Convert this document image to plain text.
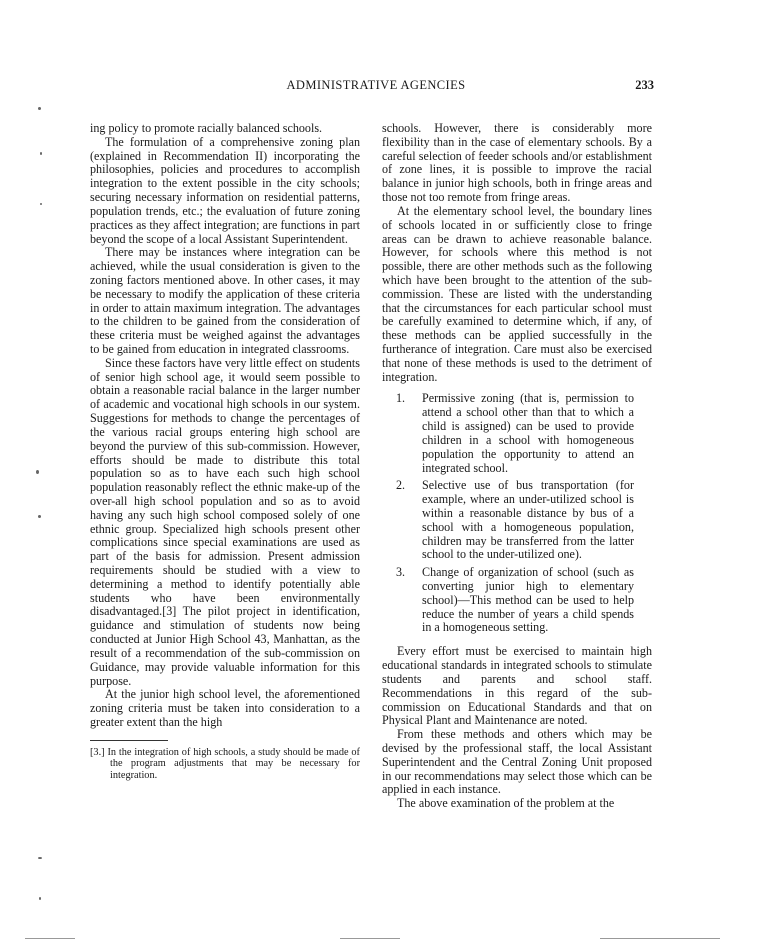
ADMINISTRATIVE AGENCIES	233

ing policy to promote racially balanced schools.

The formulation of a comprehensive zoning plan (explained in Recommendation II) incorporating the philosophies, policies and procedures to accomplish integration to the extent possible in the city schools; securing necessary information on residential patterns, population trends, etc.; the evaluation of future zoning practices as they affect integration; are functions in part beyond the scope of a local Assistant Superintendent.

There may be instances where integration can be achieved, while the usual consideration is given to the zoning factors mentioned above. In other cases, it may be necessary to modify the application of these criteria in order to attain maximum integration. The advantages to the children to be gained from the consideration of these criteria must be weighed against the advantages to be gained from education in integrated classrooms.

Since these factors have very little effect on students of senior high school age, it would seem possible to obtain a reasonable racial balance in the larger number of academic and vocational high schools in our system. Suggestions for methods to change the percentages of the various racial groups entering high school are beyond the purview of this sub-commission. However, efforts should be made to distribute this total population so as to have each such high school population reasonably reflect the ethnic make-up of the over-all high school population and so as to avoid having any such high school composed solely of one ethnic group. Specialized high schools present other complications since special examinations are used as part of the basis for admission. Present admission requirements should be studied with a view to determining a method to identify potentially able students who have been environmentally disadvantaged.[3] The pilot project in identification, guidance and stimulation of students now being conducted at Junior High School 43, Manhattan, as the result of a recommendation of the sub-commission on Guidance, may provide valuable information for this purpose.

At the junior high school level, the aforementioned zoning criteria must be taken into consideration to a greater extent than the high

[3.] In the integration of high schools, a study should be made of the program adjustments that may be necessary for integration.

schools. However, there is considerably more flexibility than in the case of elementary schools. By a careful selection of feeder schools and/or establishment of zone lines, it is possible to improve the racial balance in junior high schools, both in fringe areas and those not too remote from fringe areas.

At the elementary school level, the boundary lines of schools located in or sufficiently close to fringe areas can be drawn to achieve reasonable balance. However, for schools where this method is not possible, there are other methods such as the following which have been brought to the attention of the sub-commission. These are listed with the understanding that the circumstances for each particular school must be carefully examined to determine which, if any, of these methods can be applied successfully in the furtherance of integration. Care must also be exercised that none of these methods is used to the detriment of integration.

1. Permissive zoning (that is, permission to attend a school other than that to which a child is assigned) can be used to provide children in a school with homogeneous population the opportunity to attend an integrated school.
2. Selective use of bus transportation (for example, where an under-utilized school is within a reasonable distance by bus of a school with a homogeneous population, children may be transferred from the latter school to the under-utilized one).
3. Change of organization of school (such as converting junior high to elementary school)—This method can be used to help reduce the number of years a child spends in a homogeneous setting.

Every effort must be exercised to maintain high educational standards in integrated schools to stimulate students and parents and school staff. Recommendations in this regard of the sub-commission on Educational Standards and that on Physical Plant and Maintenance are noted.

From these methods and others which may be devised by the professional staff, the local Assistant Superintendent and the Central Zoning Unit proposed in our recommendations may select those which can be applied in each instance.

The above examination of the problem at the
